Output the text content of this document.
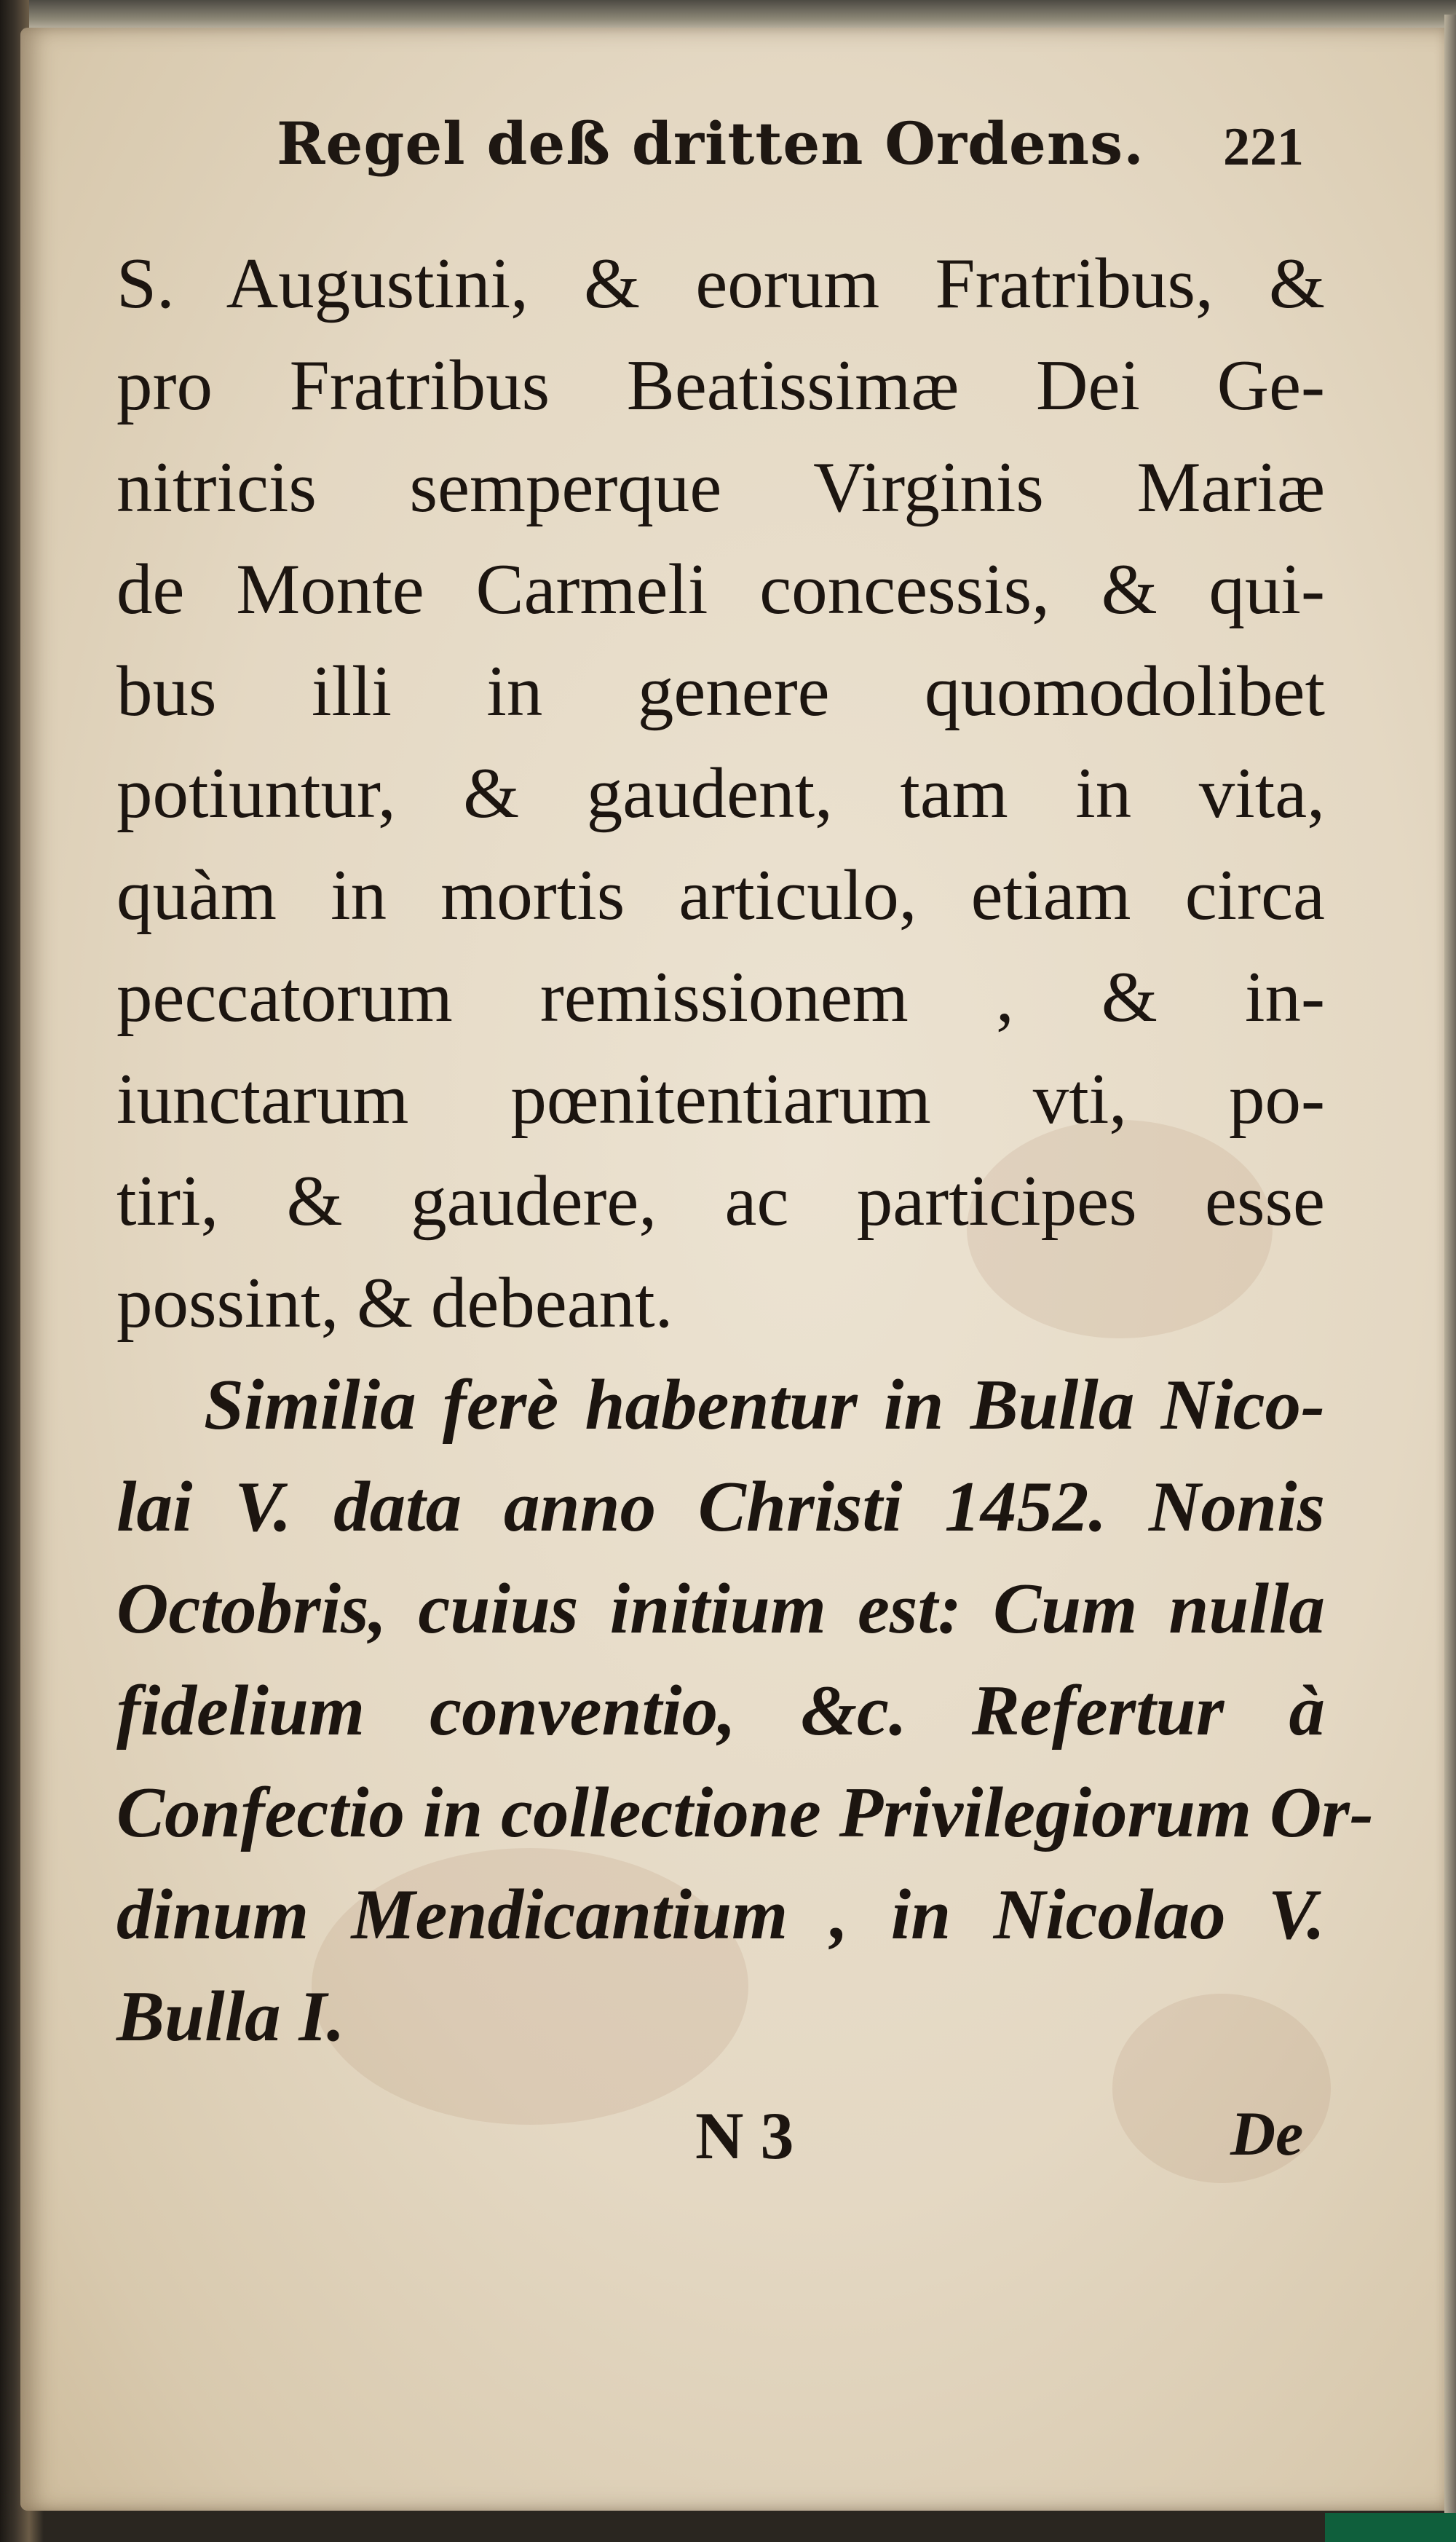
Regel deß dritten Ordens. 221
S. Augustini, & eorum Fratribus, &
pro Fratribus Beatissimæ Dei Ge-
nitricis semperque Virginis Mariæ
de Monte Carmeli concessis, & qui-
bus illi in genere quomodolibet
potiuntur, & gaudent, tam in vita,
quàm in mortis articulo, etiam circa
peccatorum remissionem , & in-
iunctarum pœnitentiarum vti, po-
tiri, & gaudere, ac participes esse
possint, & debeant.
Similia ferè habentur in Bulla Nico-
lai V. data anno Christi 1452. Nonis
Octobris, cuius initium est: Cum nulla
fidelium conventio, &c. Refertur à
Confectio in collectione Privilegiorum Or-
dinum Mendicantium , in Nicolao V.
Bulla I.
N 3	De
